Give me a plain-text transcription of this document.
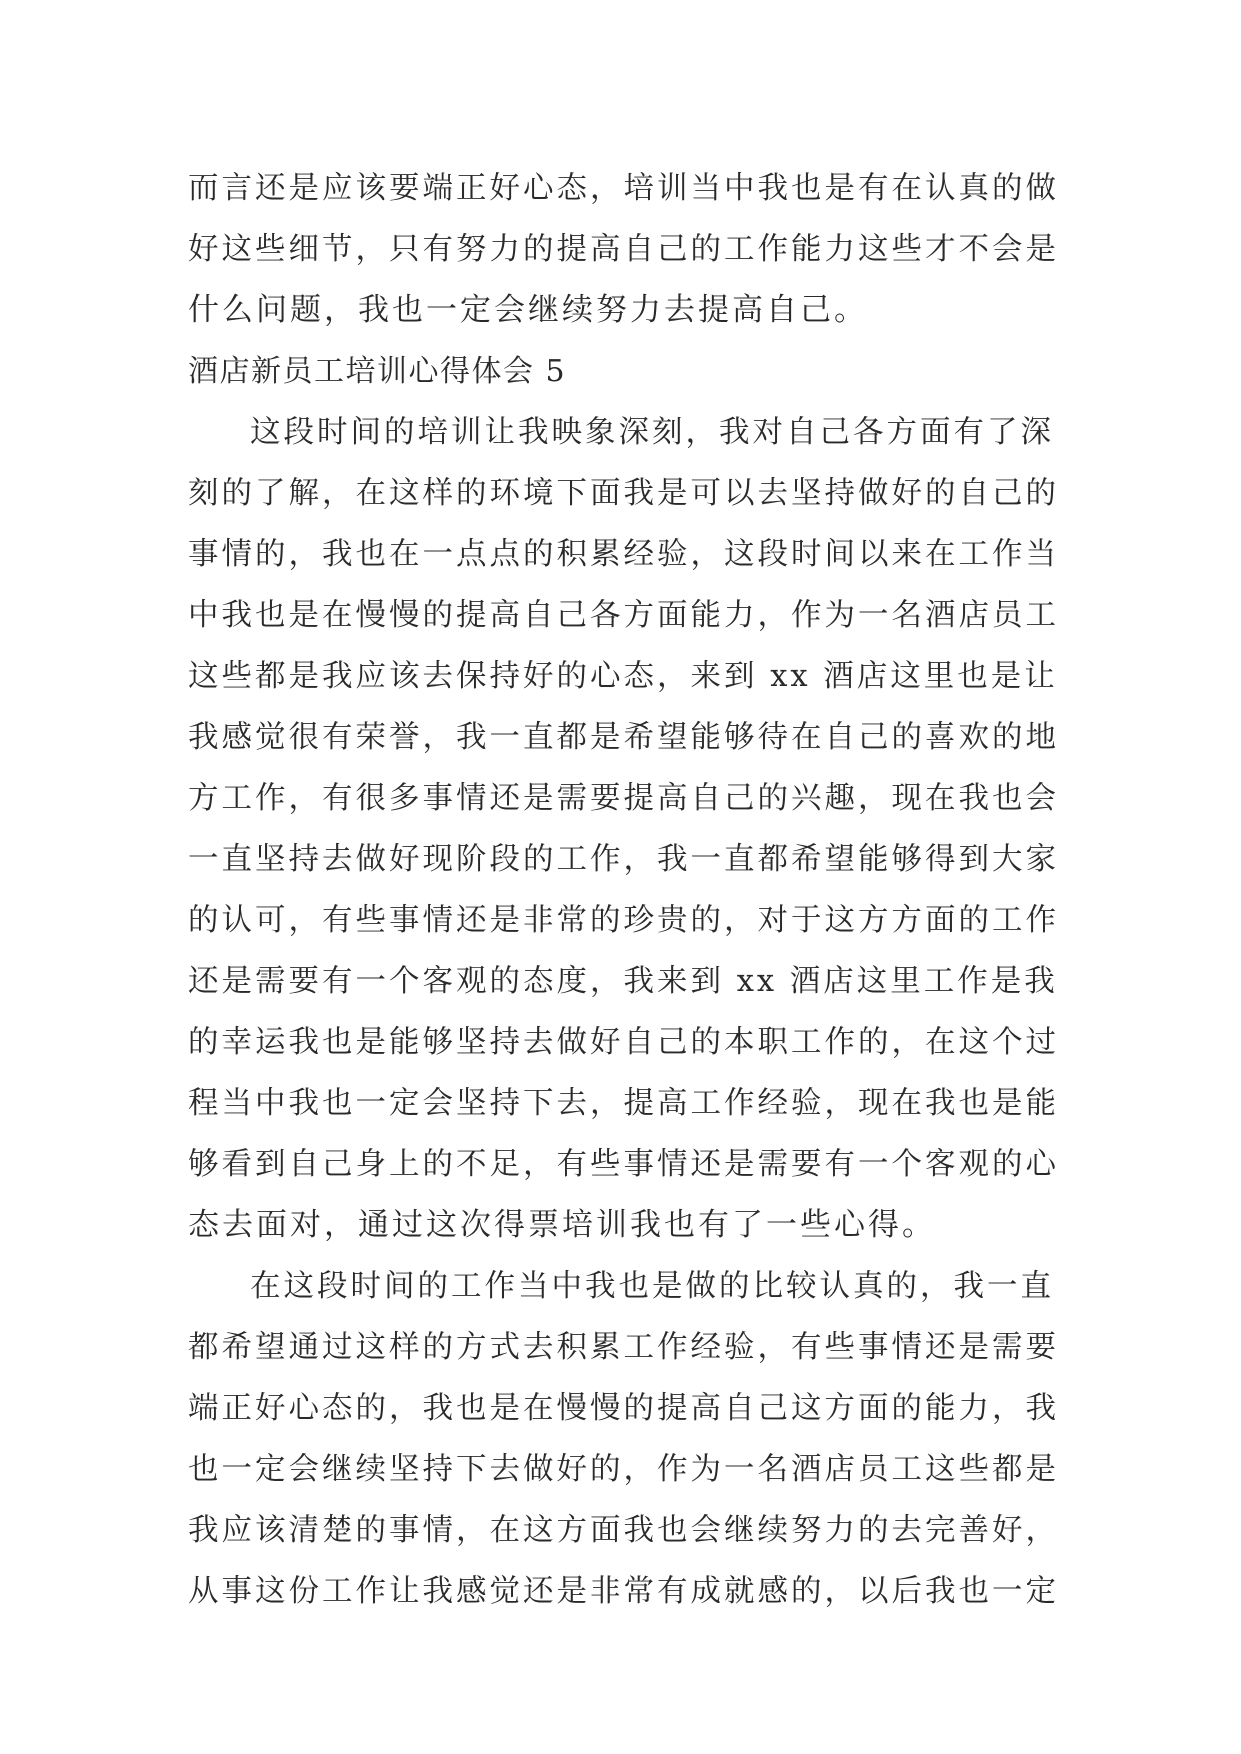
而言还是应该要端正好心态，培训当中我也是有在认真的做
好这些细节，只有努力的提高自己的工作能力这些才不会是
什么问题，我也一定会继续努力去提高自己。
酒店新员工培训心得体会 5
这段时间的培训让我映象深刻，我对自己各方面有了深
刻的了解，在这样的环境下面我是可以去坚持做好的自己的
事情的，我也在一点点的积累经验，这段时间以来在工作当
中我也是在慢慢的提高自己各方面能力，作为一名酒店员工
这些都是我应该去保持好的心态，来到 xx 酒店这里也是让
我感觉很有荣誉，我一直都是希望能够待在自己的喜欢的地
方工作，有很多事情还是需要提高自己的兴趣，现在我也会
一直坚持去做好现阶段的工作，我一直都希望能够得到大家
的认可，有些事情还是非常的珍贵的，对于这方方面的工作
还是需要有一个客观的态度，我来到 xx 酒店这里工作是我
的幸运我也是能够坚持去做好自己的本职工作的，在这个过
程当中我也一定会坚持下去，提高工作经验，现在我也是能
够看到自己身上的不足，有些事情还是需要有一个客观的心
态去面对，通过这次得票培训我也有了一些心得。
在这段时间的工作当中我也是做的比较认真的，我一直
都希望通过这样的方式去积累工作经验，有些事情还是需要
端正好心态的，我也是在慢慢的提高自己这方面的能力，我
也一定会继续坚持下去做好的，作为一名酒店员工这些都是
我应该清楚的事情，在这方面我也会继续努力的去完善好，
从事这份工作让我感觉还是非常有成就感的，以后我也一定
